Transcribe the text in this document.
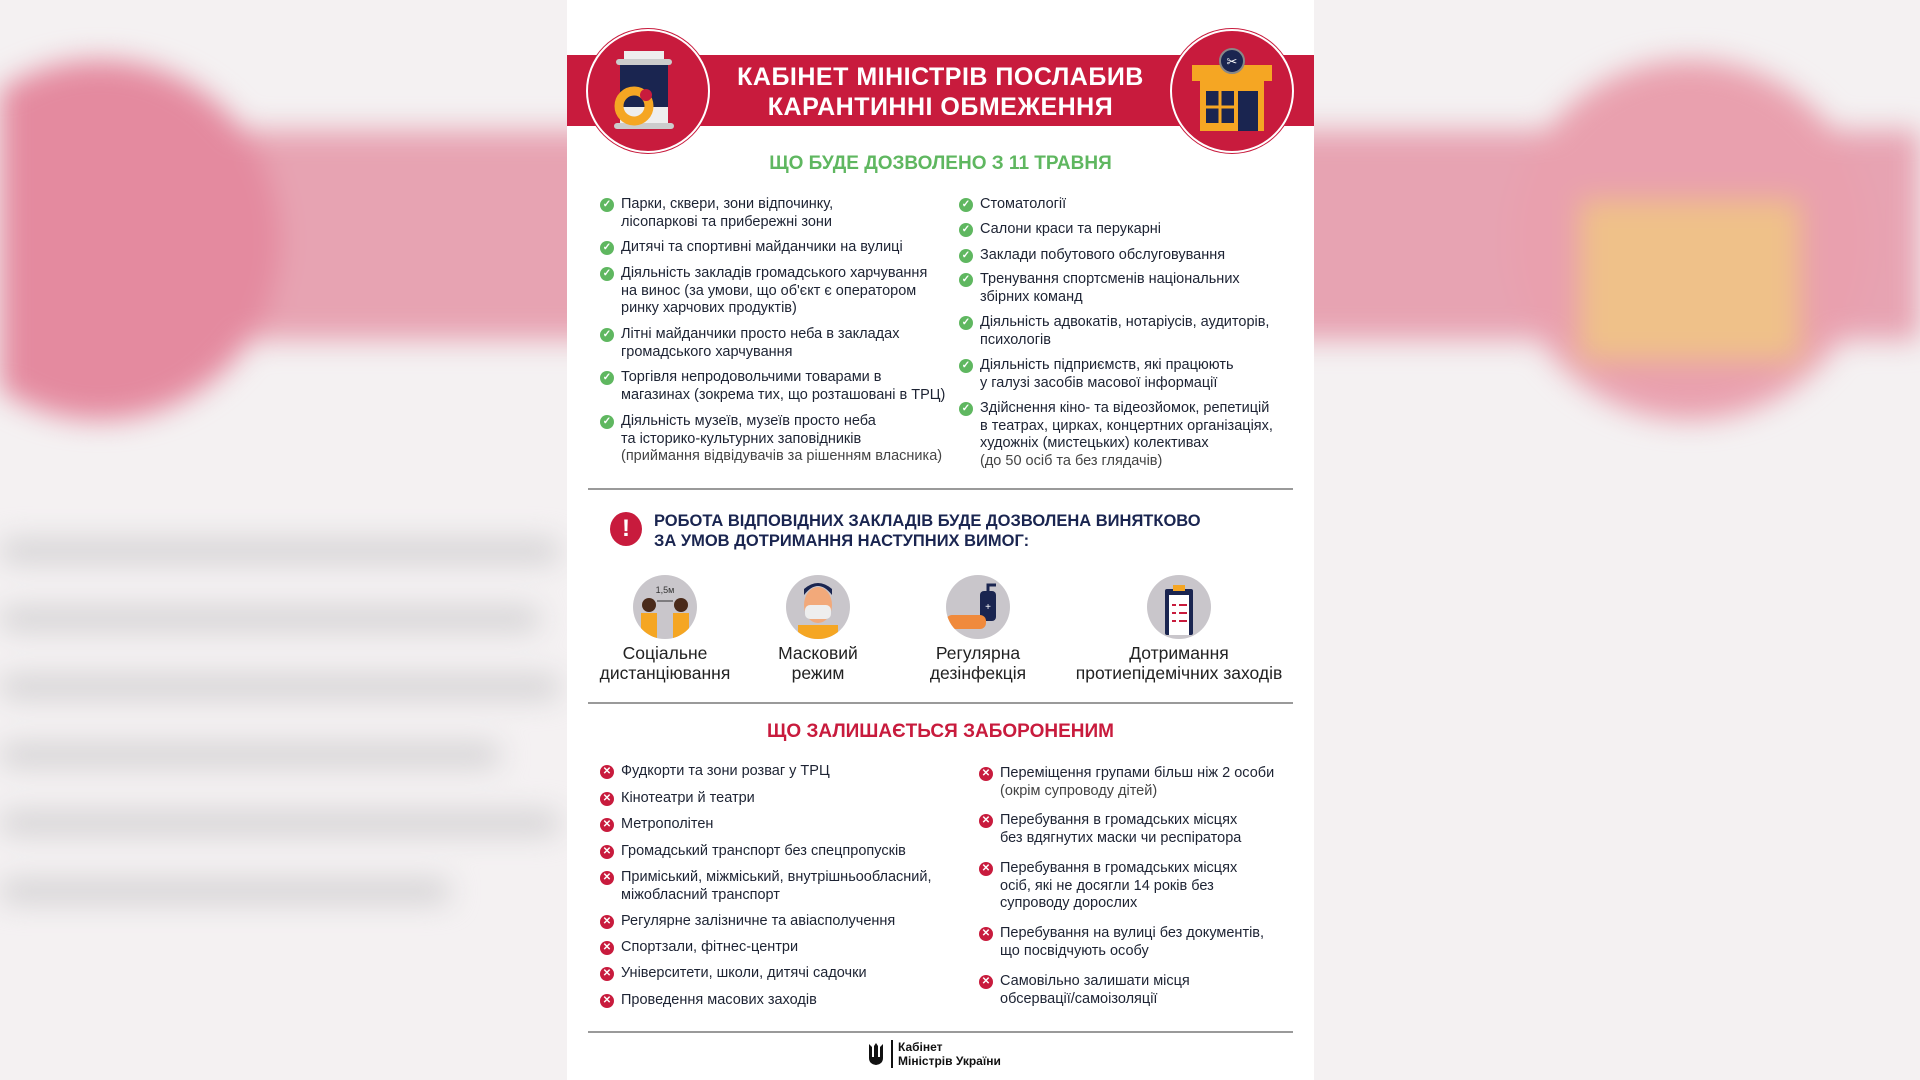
✂
КАБІНЕТ МІНІСТРІВ ПОСЛАБИВ
КАРАНТИННІ ОБМЕЖЕННЯ
ЩО БУДЕ ДОЗВОЛЕНО З 11 ТРАВНЯ
✓ Парки, сквери, зони відпочинку,
лісопаркові та прибережні зони
✓ Дитячі та спортивні майданчики на вулиці
✓ Діяльність закладів громадського харчування
на винос (за умови, що об'єкт є оператором
ринку харчових продуктів)
✓ Літні майданчики просто неба в закладах
громадського харчування
✓ Торгівля непродовольчими товарами в
магазинах (зокрема тих, що розташовані в ТРЦ)
✓ Діяльність музеїв, музеїв просто неба
та історико-культурних заповідників
(приймання відвідувачів за рішенням власника)
✓ Стоматології
✓ Салони краси та перукарні
✓ Заклади побутового обслуговування
✓ Тренування спортсменів національних
збірних команд
✓ Діяльність адвокатів, нотаріусів, аудиторів,
психологів
✓ Діяльність підприємств, які працюють
у галузі засобів масової інформації
✓ Здійснення кіно- та відеозйомок, репетицій
в театрах, цирках, концертних організаціях,
художніх (мистецьких) колективах
(до 50 осіб та без глядачів)
!	РОБОТА ВІДПОВІДНИХ ЗАКЛАДІВ БУДЕ ДОЗВОЛЕНА ВИНЯТКОВО
ЗА УМОВ ДОТРИМАННЯ НАСТУПНИХ ВИМОГ:
1,5м
Соціальне
дистанціювання
Масковий
режим
+
Регулярна
дезінфекція
Дотримання
протиепідемічних заходів
ЩО ЗАЛИШАЄТЬСЯ ЗАБОРОНЕНИМ
✕ Фудкорти та зони розваг у ТРЦ
✕ Кінотеатри й театри
✕ Метрополітен
✕ Громадський транспорт без спецпропусків
✕ Приміський, міжміський, внутрішньообласний,
міжобласний транспорт
✕ Регулярне залізничне та авіасполучення
✕ Спортзали, фітнес-центри
✕ Університети, школи, дитячі садочки
✕ Проведення масових заходів
✕ Переміщення групами більш ніж 2 особи
(окрім супроводу дітей)
✕ Перебування в громадських місцях
без вдягнутих маски чи респіратора
✕ Перебування в громадських місцях
осіб, які не досягли 14 років без
супроводу дорослих
✕ Перебування на вулиці без документів,
що посвідчують особу
✕ Самовільно залишати місця
обсервації/самоізоляції
Кабінет
Міністрів України
